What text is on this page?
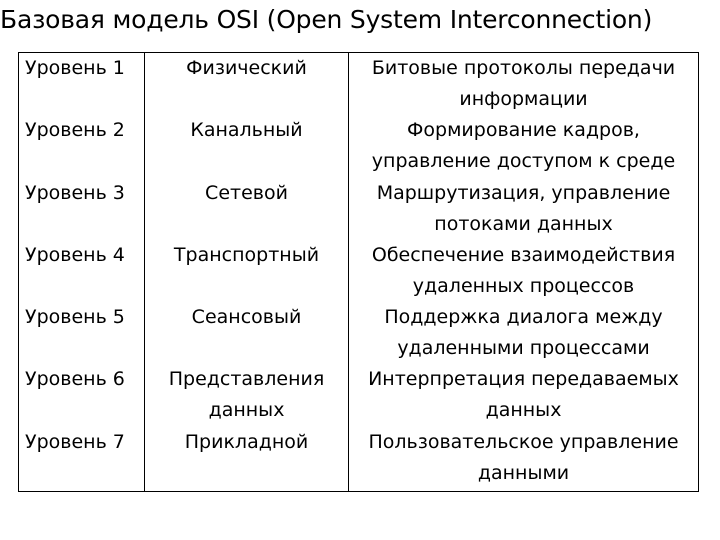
Базовая модель OSI (Open System Interconnection)
Уровень 1	Физический	Битовые протоколы передачи информации
Уровень 2	Канальный	Формирование кадров, управление доступом к среде
Уровень 3	Сетевой	Маршрутизация, управление потоками данных
Уровень 4	Транспортный	Обеспечение взаимодействия удаленных процессов
Уровень 5	Сеансовый	Поддержка диалога между удаленными процессами
Уровень 6	Представления данных	Интерпретация передаваемых данных
Уровень 7	Прикладной	Пользовательское управление данными
